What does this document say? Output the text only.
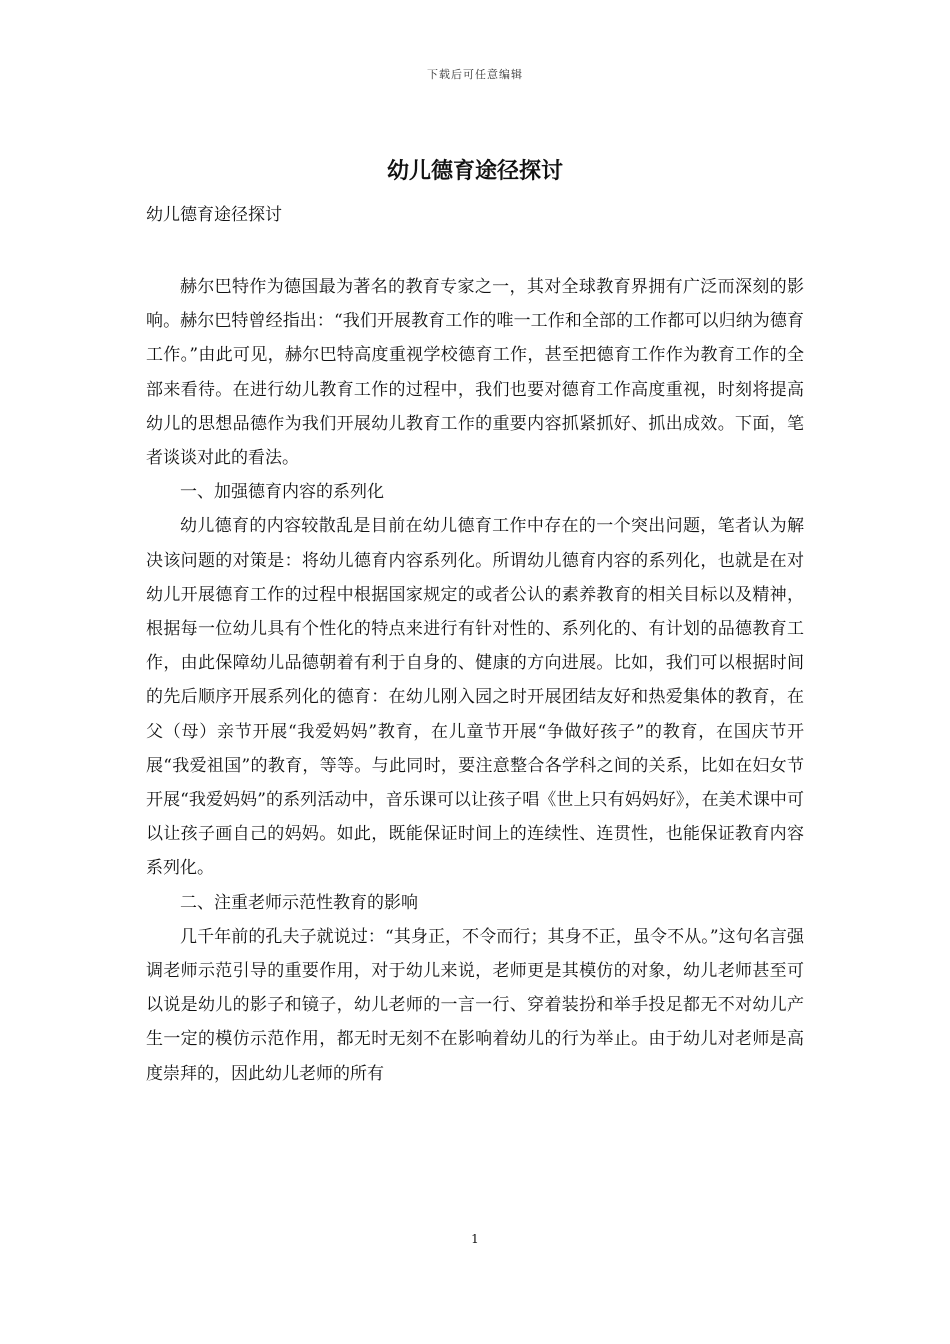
下载后可任意编辑
幼儿德育途径探讨

幼儿德育途径探讨

赫尔巴特作为德国最为著名的教育专家之一，其对全球教育界拥有广泛而深刻的影响。赫尔巴特曾经指出：“我们开展教育工作的唯一工作和全部的工作都可以归纳为德育工作。”由此可见，赫尔巴特高度重视学校德育工作，甚至把德育工作作为教育工作的全部来看待。在进行幼儿教育工作的过程中，我们也要对德育工作高度重视，时刻将提高幼儿的思想品德作为我们开展幼儿教育工作的重要内容抓紧抓好、抓出成效。下面，笔者谈谈对此的看法。

一、加强德育内容的系列化

幼儿德育的内容较散乱是目前在幼儿德育工作中存在的一个突出问题，笔者认为解决该问题的对策是：将幼儿德育内容系列化。所谓幼儿德育内容的系列化，也就是在对幼儿开展德育工作的过程中根据国家规定的或者公认的素养教育的相关目标以及精神，根据每一位幼儿具有个性化的特点来进行有针对性的、系列化的、有计划的品德教育工作，由此保障幼儿品德朝着有利于自身的、健康的方向进展。比如，我们可以根据时间的先后顺序开展系列化的德育：在幼儿刚入园之时开展团结友好和热爱集体的教育，在父（母）亲节开展“我爱妈妈”教育，在儿童节开展“争做好孩子”的教育，在国庆节开展“我爱祖国”的教育，等等。与此同时，要注意整合各学科之间的关系，比如在妇女节开展“我爱妈妈”的系列活动中，音乐课可以让孩子唱《世上只有妈妈好》，在美术课中可以让孩子画自己的妈妈。如此，既能保证时间上的连续性、连贯性，也能保证教育内容系列化。

二、注重老师示范性教育的影响

几千年前的孔夫子就说过：“其身正，不令而行；其身不正，虽令不从。”这句名言强调老师示范引导的重要作用，对于幼儿来说，老师更是其模仿的对象，幼儿老师甚至可以说是幼儿的影子和镜子，幼儿老师的一言一行、穿着装扮和举手投足都无不对幼儿产生一定的模仿示范作用，都无时无刻不在影响着幼儿的行为举止。由于幼儿对老师是高度崇拜的，因此幼儿老师的所有

1
